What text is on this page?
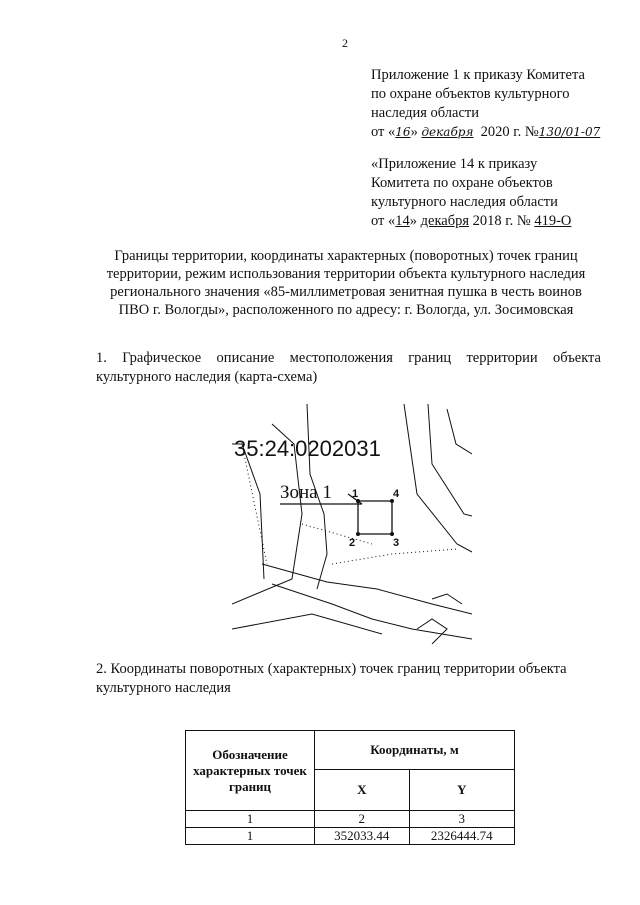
2
Приложение 1 к приказу Комитета
по охране объектов культурного
наследия области
от «16» декабря 2020 г. №130/01-07
«Приложение 14 к приказу
Комитета по охране объектов
культурного наследия области
от «14» декабря 2018 г. № 419-О
Границы территории, координаты характерных (поворотных) точек границ территории, режим использования территории объекта культурного наследия регионального значения «85-миллиметровая зенитная пушка в честь воинов ПВО г. Вологды», расположенного по адресу: г. Вологда, ул. Зосимовская
1. Графическое описание местоположения границ территории объекта культурного наследия (карта-схема)
35:24:0202031
Зона 1 1
2	3
4
2. Координаты поворотных (характерных) точек границ территории объекта культурного наследия
Обозначение характерных точек границ	Координаты, м	
	X	Y
1	2	3
1	352033.44	2326444.74
